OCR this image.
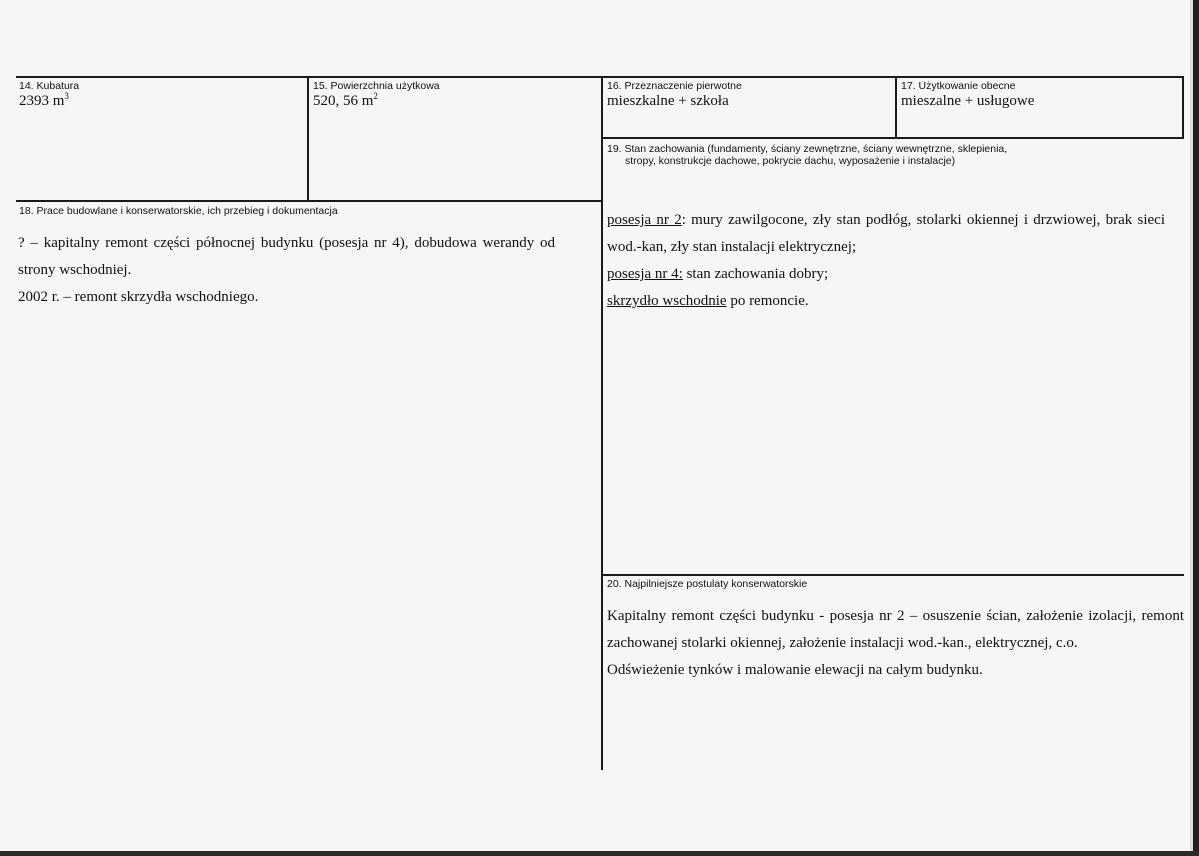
14. Kubatura
2393 $m^3$
15. Powierzchnia użytkowa
520, 56 $m^2$
16. Przeznaczenie pierwotne
mieszkalne + szkoła
17. Użytkowanie obecne
mieszalne + usługowe
19. Stan zachowania (fundamenty, ściany zewnętrzne, ściany wewnętrzne, sklepienia,
stropy, konstrukcje dachowe, pokrycie dachu, wyposażenie i instalacje)
18. Prace budowlane i konserwatorskie, ich przebieg i dokumentacja

? – kapitalny remont części północnej budynku (posesja nr 4), dobudowa werandy od strony wschodniej.

2002 r. – remont skrzydła wschodniego.

posesja nr 2: mury zawilgocone, zły stan podłóg, stolarki okiennej i drzwiowej, brak sieci wod.-kan, zły stan instalacji elektrycznej;

posesja nr 4: stan zachowania dobry;

skrzydło wschodnie po remoncie.

20. Najpilniejsze postulaty konserwatorskie

Kapitalny remont części budynku - posesja nr 2 – osuszenie ścian, założenie izolacji, remont zachowanej stolarki okiennej, założenie instalacji wod.-kan., elektrycznej, c.o.

Odświeżenie tynków i malowanie elewacji na całym budynku.
